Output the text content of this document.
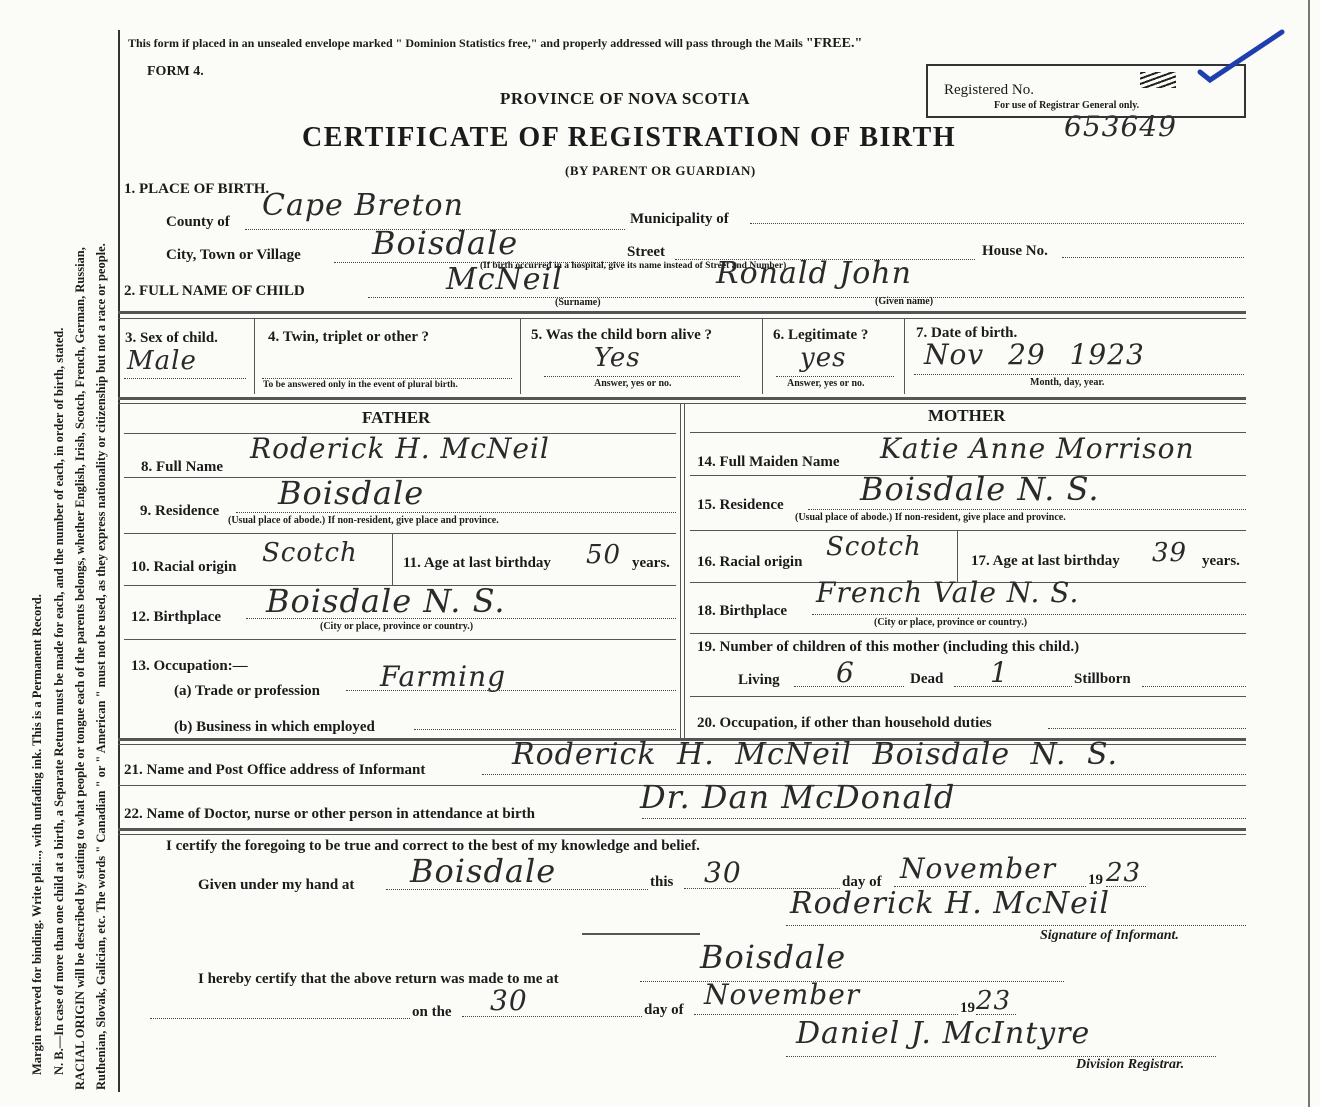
Margin reserved for binding. Write plai..., with unfading ink. This is a Permanent Record. N. B.—In case of more than one child at a birth, a Separate Return must be made for each, and the number of each, in order of birth, stated. RACIAL ORIGIN will be described by stating to what people or tongue each of the parents belongs, whether English, Irish, Scotch, French, German, Russian, Ruthenian, Slovak, Galician, etc. The words " Canadian " or " American " must not be used, as they express nationality or citizenship but not a race or people.
This form if placed in an unsealed envelope marked " Dominion Statistics free," and properly addressed will pass through the Mails "FREE."
FORM 4.
PROVINCE OF NOVA SCOTIA
CERTIFICATE OF REGISTRATION OF BIRTH	653649
(BY PARENT OR GUARDIAN)
Registered No.
For use of Registrar General only.
1. PLACE OF BIRTH.
County of Cape Breton	Municipality of
City, Town or Village Boisdale	Street	House No.
(If birth occurred in a hospital, give its name instead of Street and Number)
2. FULL NAME OF CHILD	McNeil	Ronald John
(Surname)	(Given name)
3. Sex of child.
Male
4. Twin, triplet or other ?
To be answered only in the event of plural birth.
5. Was the child born alive ?
Yes
Answer, yes or no.
6. Legitimate ?
yes
Answer, yes or no.
7. Date of birth.
Nov 29 1923
Month, day, year.
FATHER
8. Full Name
Roderick H. McNeil
9. Residence Boisdale
(Usual place of abode.) If non-resident, give place and province.
10. Racial origin Scotch	11. Age at last birthday 50 years.
12. Birthplace Boisdale N. S.
(City or place, province or country.)
13. Occupation:—
(a) Trade or profession Farming
(b) Business in which employed
MOTHER
14. Full Maiden Name Katie Anne Morrison
15. Residence Boisdale N. S.
(Usual place of abode.) If non-resident, give place and province.
16. Racial origin Scotch	17. Age at last birthday 39 years.
18. Birthplace
French Vale N. S.
(City or place, province or country.)
19. Number of children of this mother (including this child.)
Living 6	Dead 1	Stillborn
20. Occupation, if other than household duties
21. Name and Post Office address of Informant	Roderick H. McNeil Boisdale N. S.
22. Name of Doctor, nurse or other person in attendance at birth	Dr. Dan McDonald
I certify the foregoing to be true and correct to the best of my knowledge and belief.
Given under my hand at Boisdale	this 30	day of November 19 23
Roderick H. McNeil
Signature of Informant.
I hereby certify that the above return was made to me at
Boisdale
on the 30	day of November	19 23
Daniel J. McIntyre
Division Registrar.
